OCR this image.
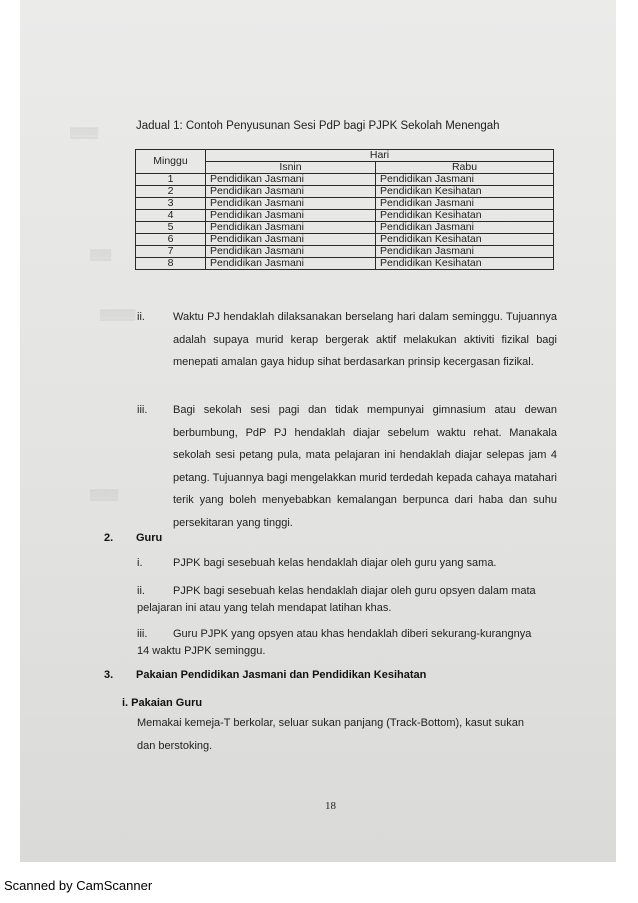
▒▒▒▒
▒▒▒
▒▒▒▒▒
▒▒▒▒
Jadual 1: Contoh Penyusunan Sesi PdP bagi PJPK Sekolah Menengah
Minggu	Hari	
	Isnin	Rabu
1	Pendidikan Jasmani	Pendidikan Jasmani
2	Pendidikan Jasmani	Pendidikan Kesihatan
3	Pendidikan Jasmani	Pendidikan Jasmani
4	Pendidikan Jasmani	Pendidikan Kesihatan
5	Pendidikan Jasmani	Pendidikan Jasmani
6	Pendidikan Jasmani	Pendidikan Kesihatan
7	Pendidikan Jasmani	Pendidikan Jasmani
8	Pendidikan Jasmani	Pendidikan Kesihatan
ii.	Waktu PJ hendaklah dilaksanakan berselang hari dalam seminggu. Tujuannya adalah supaya murid kerap bergerak aktif melakukan aktiviti fizikal bagi menepati amalan gaya hidup sihat berdasarkan prinsip kecergasan fizikal.
iii. Bagi sekolah sesi pagi dan tidak mempunyai gimnasium atau dewan berbumbung, PdP PJ hendaklah diajar sebelum waktu rehat. Manakala sekolah sesi petang pula, mata pelajaran ini hendaklah diajar selepas jam 4 petang. Tujuannya bagi mengelakkan murid terdedah kepada cahaya matahari terik yang boleh menyebabkan kemalangan berpunca dari haba dan suhu persekitaran yang tinggi.
2. Guru
i.	PJPK bagi sesebuah kelas hendaklah diajar oleh guru yang sama.
ii.	PJPK bagi sesebuah kelas hendaklah diajar oleh guru opsyen dalam mata
pelajaran ini atau yang telah mendapat latihan khas.
iii. Guru PJPK yang opsyen atau khas hendaklah diberi sekurang-kurangnya
14 waktu PJPK seminggu.
3. Pakaian Pendidikan Jasmani dan Pendidikan Kesihatan
i. Pakaian Guru
Memakai kemeja-T berkolar, seluar sukan panjang (Track-Bottom), kasut sukan
dan berstoking.
18
Scanned by CamScanner
